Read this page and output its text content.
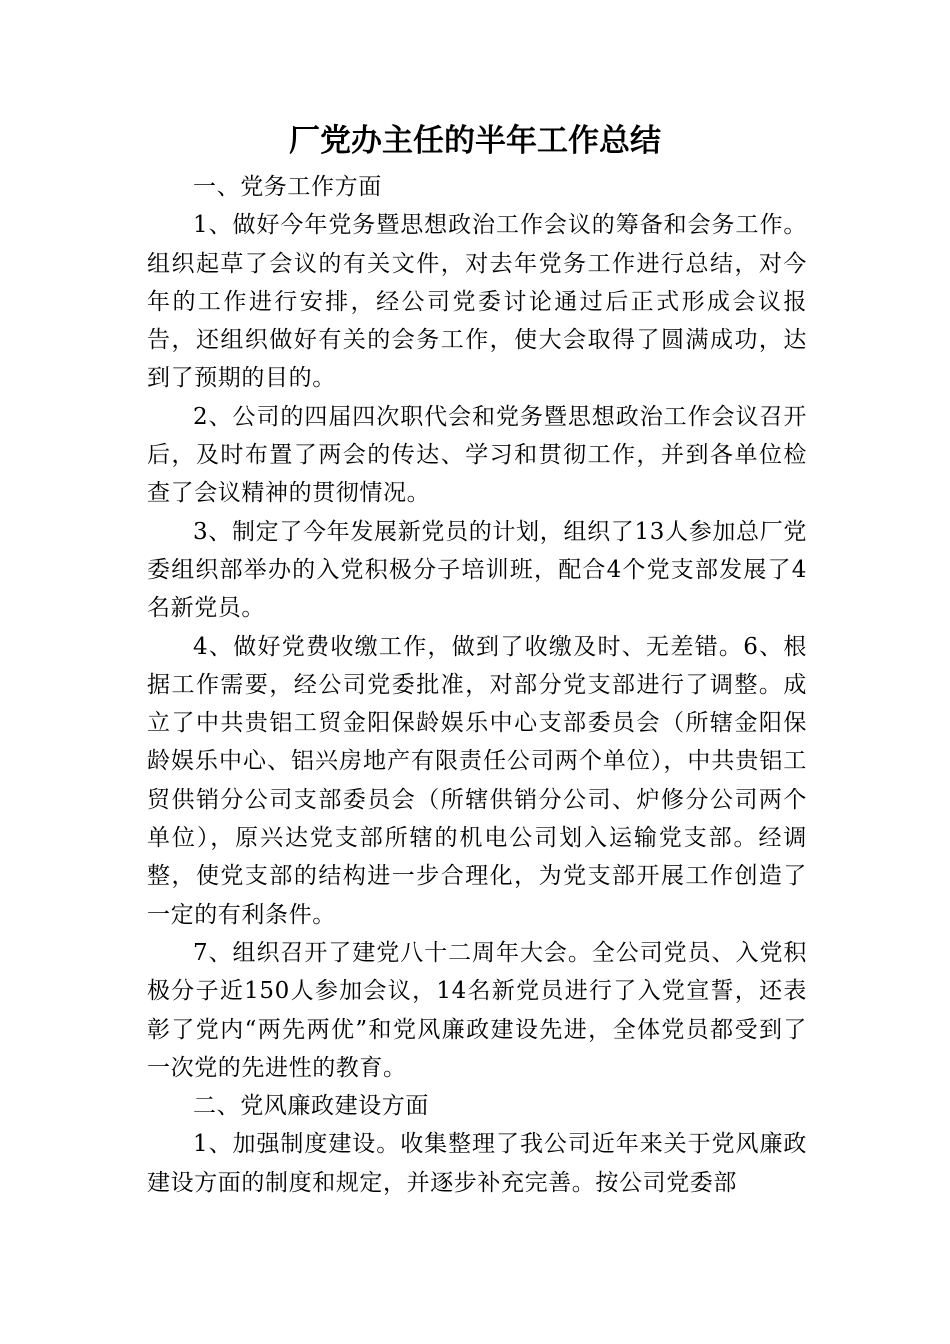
厂党办主任的半年工作总结

一、党务工作方面

1、做好今年党务暨思想政治工作会议的筹备和会务工作。组织起草了会议的有关文件，对去年党务工作进行总结，对今年的工作进行安排，经公司党委讨论通过后正式形成会议报告，还组织做好有关的会务工作，使大会取得了圆满成功，达到了预期的目的。

2、公司的四届四次职代会和党务暨思想政治工作会议召开后，及时布置了两会的传达、学习和贯彻工作，并到各单位检查了会议精神的贯彻情况。

3、制定了今年发展新党员的计划，组织了13人参加总厂党委组织部举办的入党积极分子培训班，配合4个党支部发展了4名新党员。

4、做好党费收缴工作，做到了收缴及时、无差错。6、根据工作需要，经公司党委批准，对部分党支部进行了调整。成立了中共贵铝工贸金阳保龄娱乐中心支部委员会（所辖金阳保龄娱乐中心、铝兴房地产有限责任公司两个单位），中共贵铝工贸供销分公司支部委员会（所辖供销分公司、炉修分公司两个单位），原兴达党支部所辖的机电公司划入运输党支部。经调整，使党支部的结构进一步合理化，为党支部开展工作创造了一定的有利条件。

7、组织召开了建党八十二周年大会。全公司党员、入党积极分子近150人参加会议，14名新党员进行了入党宣誓，还表彰了党内“两先两优”和党风廉政建设先进，全体党员都受到了一次党的先进性的教育。

二、党风廉政建设方面

1、加强制度建设。收集整理了我公司近年来关于党风廉政建设方面的制度和规定，并逐步补充完善。按公司党委部
